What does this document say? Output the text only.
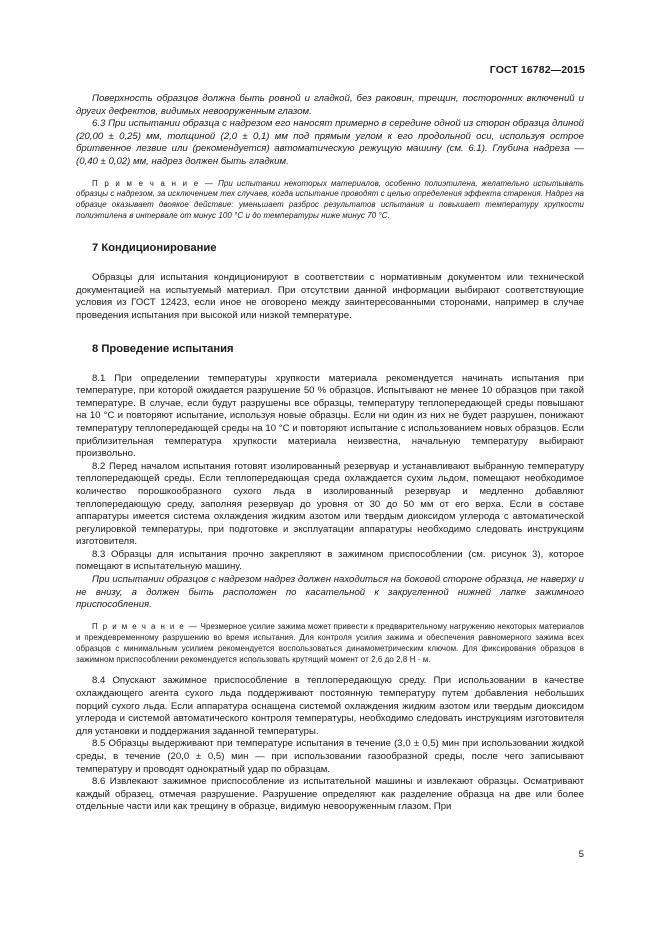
ГОСТ 16782—2015

Поверхность образцов должна быть ровной и гладкой, без раковин, трещин, посторонних включений и других дефектов, видимых невооруженным глазом.

6.3 При испытании образца с надрезом его наносят примерно в середине одной из сторон образца длиной (20,00 ± 0,25) мм, толщиной (2,0 ± 0,1) мм под прямым углом к его продольной оси, используя острое бритвенное лезвие или (рекомендуется) автоматическую режущую машину (см. 6.1). Глубина надреза — (0,40 ± 0,02) мм, надрез должен быть гладким.

П р и м е ч а н и е — При испытании некоторых материалов, особенно полиэтилена, желательно испытывать образцы с надрезом, за исключением тех случаев, когда испытание проводят с целью определения эффекта старения. Надрез на образце оказывает двоякое действие: уменьшает разброс результатов испытания и повышает температуру хрупкости полиэтилена в интервале от минус 100 °С и до температуры ниже минус 70 °С.

7 Кондиционирование

Образцы для испытания кондиционируют в соответствии с нормативным документом или технической документацией на испытуемый материал. При отсутствии данной информации выбирают соответствующие условия из ГОСТ 12423, если иное не оговорено между заинтересованными сторонами, например в случае проведения испытания при высокой или низкой температуре.

8 Проведение испытания

8.1 При определении температуры хрупкости материала рекомендуется начинать испытания при температуре, при которой ожидается разрушение 50 % образцов. Испытывают не менее 10 образцов при такой температуре. В случае, если будут разрушены все образцы, температуру теплопередающей среды повышают на 10 °С и повторяют испытание, используя новые образцы. Если ни один из них не будет разрушен, понижают температуру теплопередающей среды на 10 °С и повторяют испытание с использованием новых образцов. Если приблизительная температура хрупкости материала неизвестна, начальную температуру выбирают произвольно.

8.2 Перед началом испытания готовят изолированный резервуар и устанавливают выбранную температуру теплопередающей среды. Если теплопередающая среда охлаждается сухим льдом, помещают необходимое количество порошкообразного сухого льда в изолированный резервуар и медленно добавляют теплопередающую среду, заполняя резервуар до уровня от 30 до 50 мм от его верха. Если в составе аппаратуры имеется система охлаждения жидким азотом или твердым диоксидом углерода с автоматической регулировкой температуры, при подготовке и эксплуатации аппаратуры необходимо следовать инструкциям изготовителя.

8.3 Образцы для испытания прочно закрепляют в зажимном приспособлении (см. рисунок 3), которое помещают в испытательную машину.

При испытании образцов с надрезом надрез должен находиться на боковой стороне образца, не наверху и не внизу, а должен быть расположен по касательной к закругленной нижней лапке зажимного приспособления.

П р и м е ч а н и е — Чрезмерное усилие зажима может привести к предварительному нагружению некоторых материалов и преждевременному разрушению во время испытания. Для контроля усилия зажима и обеспечения равномерного зажима всех образцов с минимальным усилием рекомендуется воспользоваться динамометрическим ключом. Для фиксирования образцов в зажимном приспособлении рекомендуется использовать крутящий момент от 2,6 до 2,8 Н · м.

8.4 Опускают зажимное приспособление в теплопередающую среду. При использовании в качестве охлаждающего агента сухого льда поддерживают постоянную температуру путем добавления небольших порций сухого льда. Если аппаратура оснащена системой охлаждения жидким азотом или твердым диоксидом углерода и системой автоматического контроля температуры, необходимо следовать инструкциям изготовителя для установки и поддержания заданной температуры.

8.5 Образцы выдерживают при температуре испытания в течение (3,0 ± 0,5) мин при использовании жидкой среды, в течение (20,0 ± 0,5) мин — при использовании газообразной среды, после чего записывают температуру и проводят однократный удар по образцам.

8.6 Извлекают зажимное приспособление из испытательной машины и извлекают образцы. Осматривают каждый образец, отмечая разрушение. Разрушение определяют как разделение образца на две или более отдельные части или как трещину в образце, видимую невооруженным глазом. При

5
